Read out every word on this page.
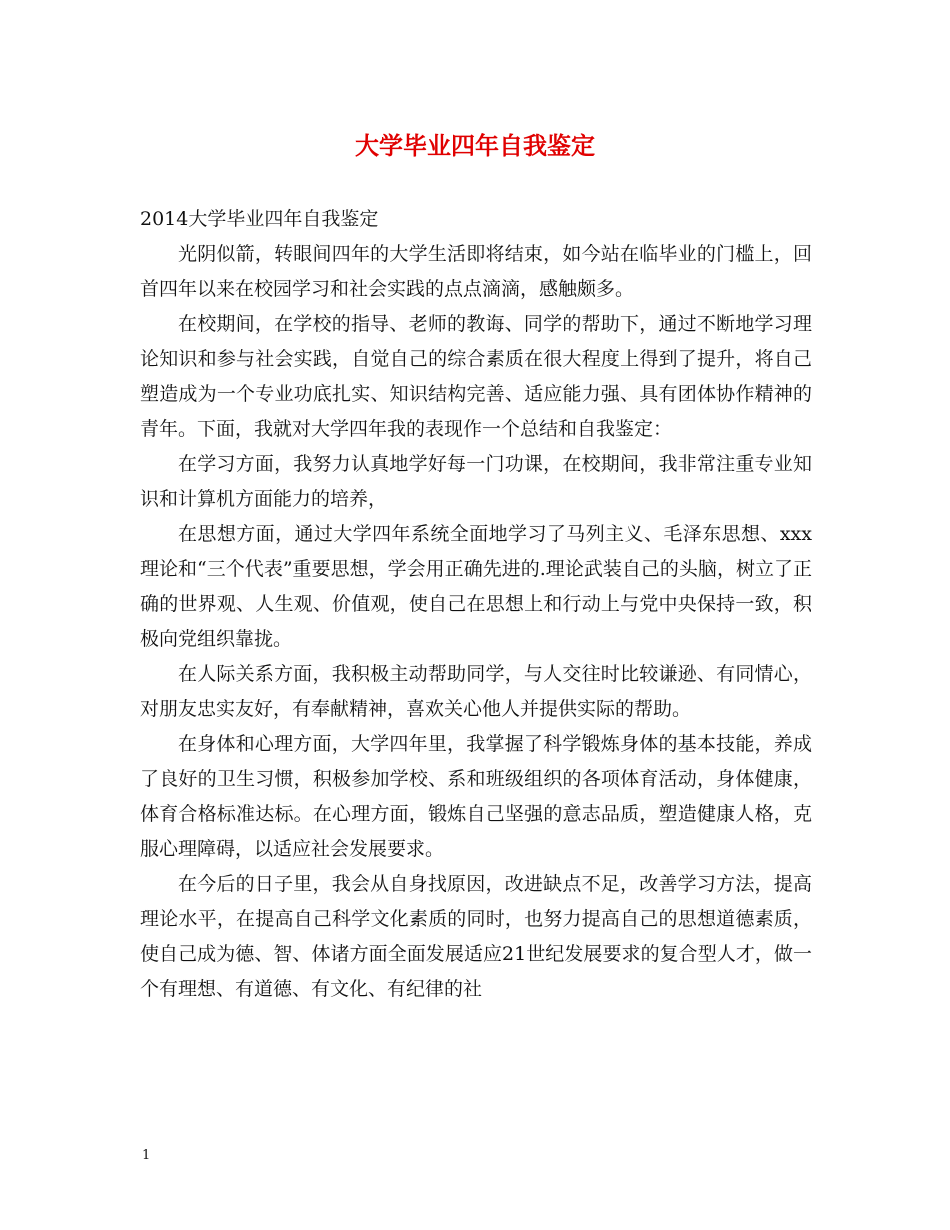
大学毕业四年自我鉴定

2014大学毕业四年自我鉴定

光阴似箭，转眼间四年的大学生活即将结束，如今站在临毕业的门槛上，回首四年以来在校园学习和社会实践的点点滴滴，感触颇多。

在校期间，在学校的指导、老师的教诲、同学的帮助下，通过不断地学习理论知识和参与社会实践，自觉自己的综合素质在很大程度上得到了提升，将自己塑造成为一个专业功底扎实、知识结构完善、适应能力强、具有团体协作精神的青年。下面，我就对大学四年我的表现作一个总结和自我鉴定：

在学习方面，我努力认真地学好每一门功课，在校期间，我非常注重专业知识和计算机方面能力的培养，

在思想方面，通过大学四年系统全面地学习了马列主义、毛泽东思想、xxx理论和“三个代表”重要思想，学会用正确先进的.理论武装自己的头脑，树立了正确的世界观、人生观、价值观，使自己在思想上和行动上与党中央保持一致，积极向党组织靠拢。

在人际关系方面，我积极主动帮助同学，与人交往时比较谦逊、有同情心，对朋友忠实友好，有奉献精神，喜欢关心他人并提供实际的帮助。

在身体和心理方面，大学四年里，我掌握了科学锻炼身体的基本技能，养成了良好的卫生习惯，积极参加学校、系和班级组织的各项体育活动，身体健康，体育合格标准达标。在心理方面，锻炼自己坚强的意志品质，塑造健康人格，克服心理障碍，以适应社会发展要求。

在今后的日子里，我会从自身找原因，改进缺点不足，改善学习方法，提高理论水平，在提高自己科学文化素质的同时，也努力提高自己的思想道德素质，使自己成为德、智、体诸方面全面发展适应21世纪发展要求的复合型人才，做一个有理想、有道德、有文化、有纪律的社

1
